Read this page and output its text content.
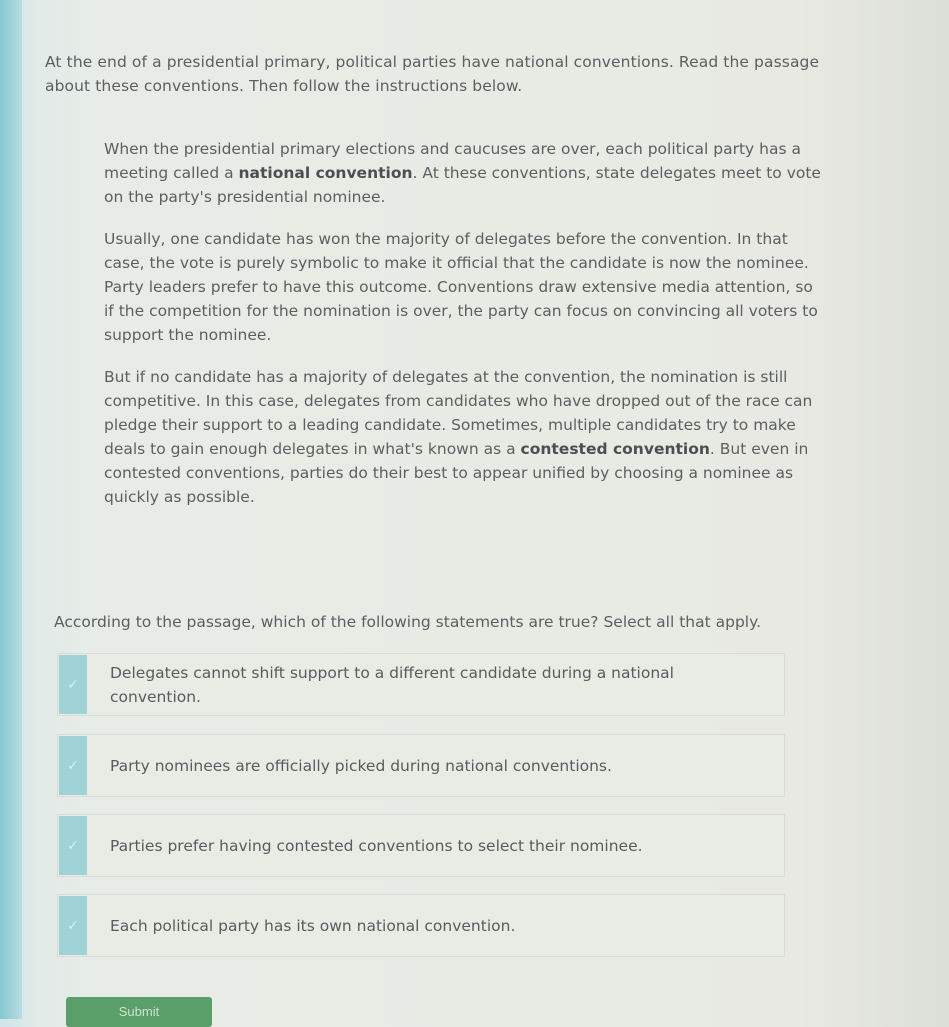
At the end of a presidential primary, political parties have national conventions. Read the passage about these conventions. Then follow the instructions below.

When the presidential primary elections and caucuses are over, each political party has a meeting called a national convention. At these conventions, state delegates meet to vote on the party's presidential nominee.

Usually, one candidate has won the majority of delegates before the convention. In that case, the vote is purely symbolic to make it official that the candidate is now the nominee. Party leaders prefer to have this outcome. Conventions draw extensive media attention, so if the competition for the nomination is over, the party can focus on convincing all voters to support the nominee.

But if no candidate has a majority of delegates at the convention, the nomination is still competitive. In this case, delegates from candidates who have dropped out of the race can pledge their support to a leading candidate. Sometimes, multiple candidates try to make deals to gain enough delegates in what's known as a contested convention. But even in contested conventions, parties do their best to appear unified by choosing a nominee as quickly as possible.

According to the passage, which of the following statements are true? Select all that apply.
✓
Delegates cannot shift support to a different candidate during a national convention.
✓ Party nominees are officially picked during national conventions.
✓ Parties prefer having contested conventions to select their nominee.
✓ Each political party has its own national convention.
Submit
